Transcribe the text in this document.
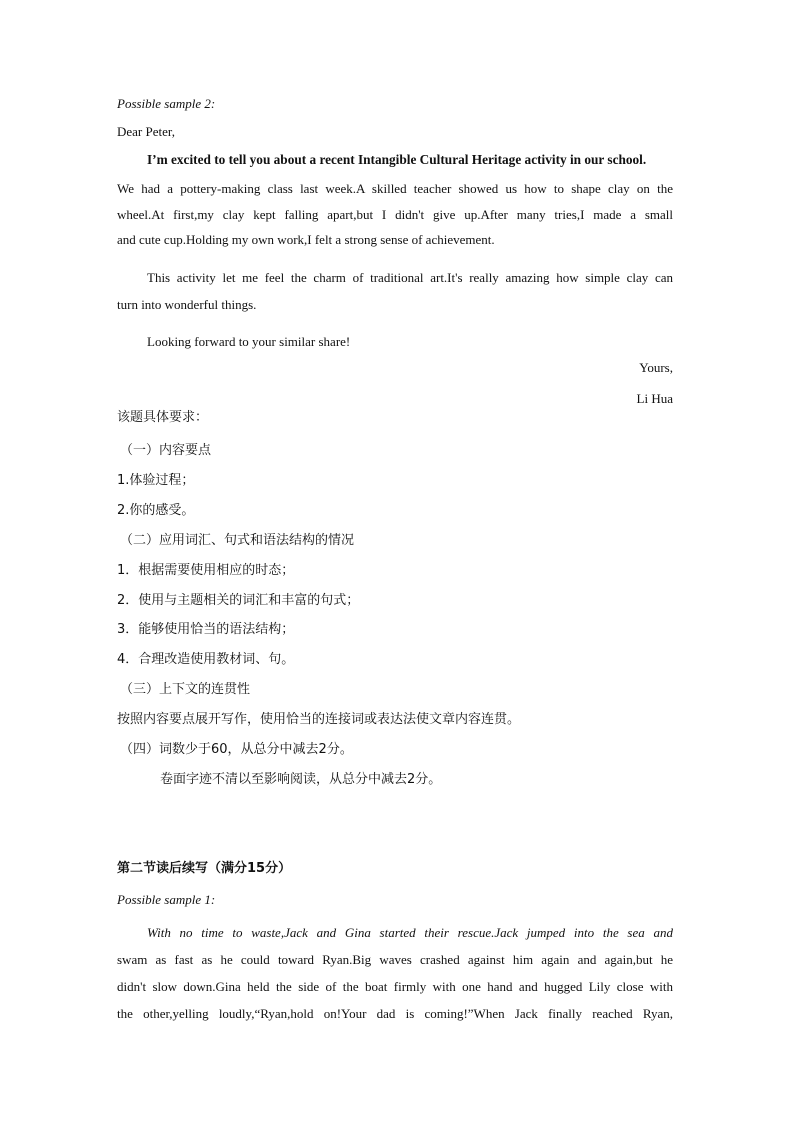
Possible sample 2:
Dear Peter,
I’m excited to tell you about a recent Intangible Cultural Heritage activity in our school.
We had a pottery-making class last week.A skilled teacher showed us how to shape clay on the
wheel.At first,my clay kept falling apart,but I didn't give up.After many tries,I made a small
and cute cup.Holding my own work,I felt a strong sense of achievement.
This activity let me feel the charm of traditional art.It's really amazing how simple clay can
turn into wonderful things.
Looking forward to your similar share!
Yours,
Li Hua
该题具体要求：
（一）内容要点
1.体验过程；
2.你的感受。
（二）应用词汇、句式和语法结构的情况
1．根据需要使用相应的时态；
2．使用与主题相关的词汇和丰富的句式；
3．能够使用恰当的语法结构；
4．合理改造使用教材词、句。
（三）上下文的连贯性
按照内容要点展开写作，使用恰当的连接词或表达法使文章内容连贯。
（四）词数少于60，从总分中减去2分。
卷面字迹不清以至影响阅读，从总分中减去2分。
第二节读后续写（满分15分）
Possible sample 1:
With no time to waste,Jack and Gina started their rescue.Jack jumped into the sea and
swam as fast as he could toward Ryan.Big waves crashed against him again and again,but he
didn't slow down.Gina held the side of the boat firmly with one hand and hugged Lily close with
the other,yelling loudly,“Ryan,hold on!Your dad is coming!”When Jack finally reached Ryan,
